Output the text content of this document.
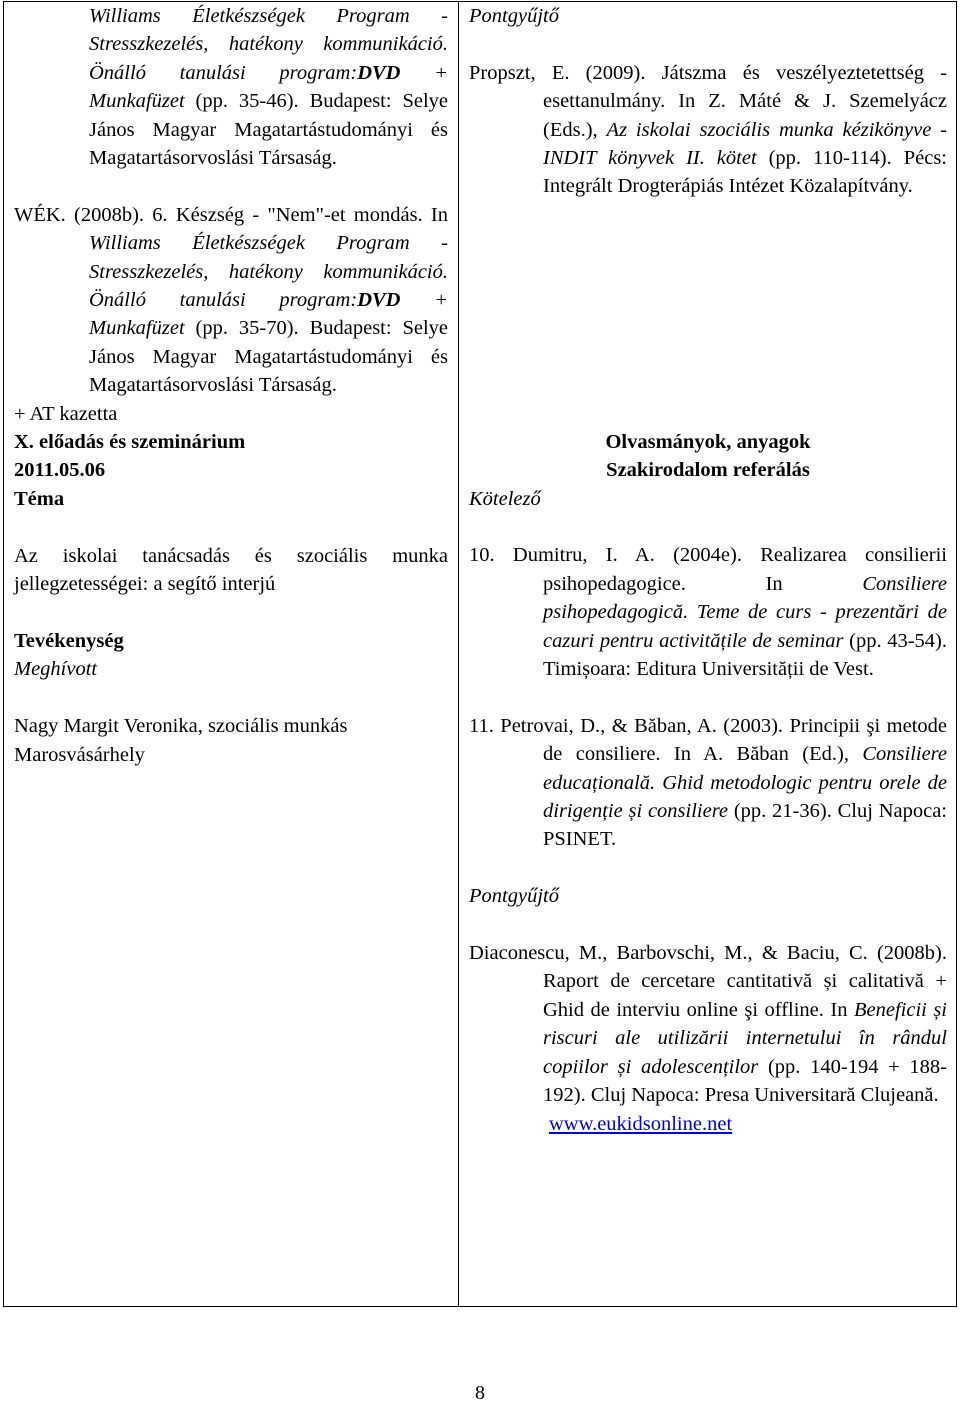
Williams Életkészségek Program - Stresszkezelés, hatékony kommunikáció. Önálló tanulási program:DVD + Munkafüzet (pp. 35-46). Budapest: Selye János Magyar Magatartástudományi és Magatartásorvoslási Társaság.

WÉK. (2008b). 6. Készség - "Nem"-et mondás. In Williams Életkészségek Program - Stresszkezelés, hatékony kommunikáció. Önálló tanulási program:DVD + Munkafüzet (pp. 35-70). Budapest: Selye János Magyar Magatartástudományi és Magatartásorvoslási Társaság.

+ AT kazetta

X. előadás és szeminárium

2011.05.06

Téma

Az iskolai tanácsadás és szociális munka jellegzetességei: a segítő interjú

Tevékenység

Meghívott

Nagy Margit Veronika, szociális munkás

Marosvásárhely

Pontgyűjtő

Propszt, E. (2009). Játszma és veszélyeztetettség - esettanulmány. In Z. Máté & J. Szemelyácz (Eds.), Az iskolai szociális munka kézikönyve - INDIT könyvek II. kötet (pp. 110-114). Pécs: Integrált Drogterápiás Intézet Közalapítvány.

Olvasmányok, anyagok

Szakirodalom referálás

Kötelező

10. Dumitru, I. A. (2004e). Realizarea consilierii psihopedagogice. In Consiliere psihopedagogică. Teme de curs - prezentări de cazuri pentru activitățile de seminar (pp. 43-54). Timișoara: Editura Universității de Vest.

11. Petrovai, D., & Băban, A. (2003). Principii şi metode de consiliere. In A. Băban (Ed.), Consiliere educațională. Ghid metodologic pentru orele de dirigenție și consiliere (pp. 21-36). Cluj Napoca: PSINET.

Pontgyűjtő

Diaconescu, M., Barbovschi, M., & Baciu, C. (2008b). Raport de cercetare cantitativă și calitativă + Ghid de interviu online şi offline. In Beneficii și riscuri ale utilizării internetului în rândul copiilor și adolescenților (pp. 140-194 + 188-192). Cluj Napoca: Presa Universitară Clujeană.

www.eukidsonline.net

8
